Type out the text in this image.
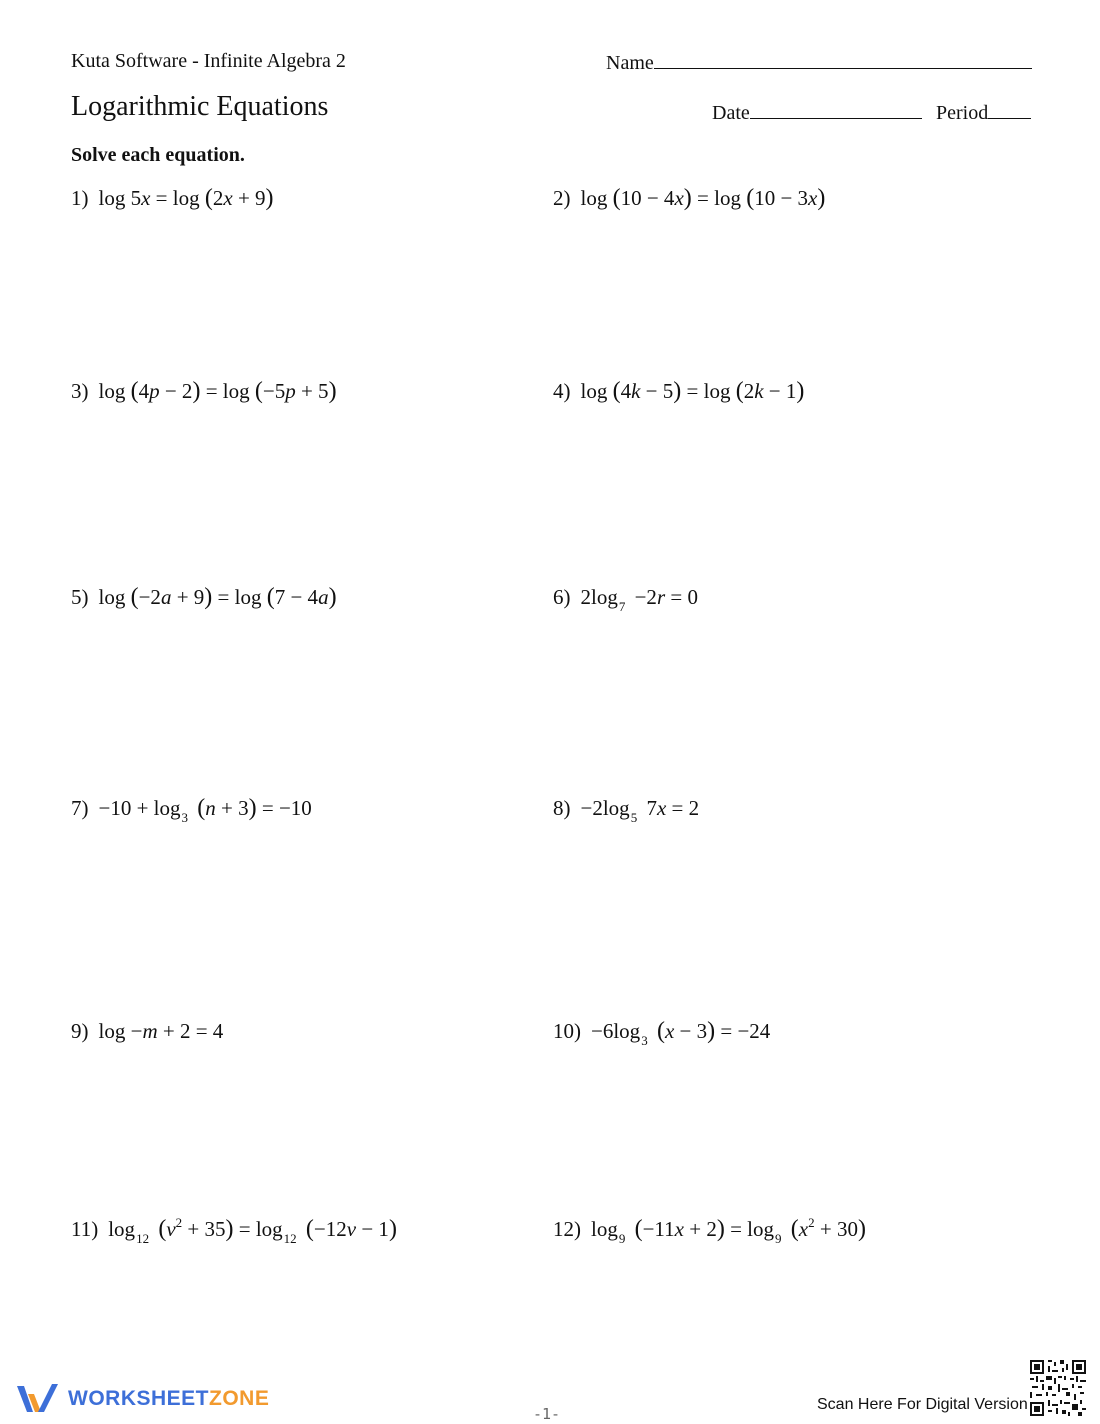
Kuta Software - Infinite Algebra 2	Name
Logarithmic Equations	Date	Period
Solve each equation.
1) log 5x = log (2x + 9)	2) log (10 − 4x) = log (10 − 3x)
3) log (4p − 2) = log (−5p + 5)	4) log (4k − 5) = log (2k − 1)
5) log (−2a + 9) = log (7 − 4a)	6) $2\log_7 -2r = 0$
$7) -10 + \log_3 (n + 3) = -10$	$8) -2\log_5$ 7x = 2
9) log −m + 2 = 4	$10) -6\log_3$ (x − 3) = −24
11) $\log_{12} (v^2 + 35) = \log_{12} (-12v - 1)$	12) $\log_9 (-11x + 2) = \log_9 (x^2 + 30)$
WORKSHEET ZONE
-1-
Scan Here For Digital Version
